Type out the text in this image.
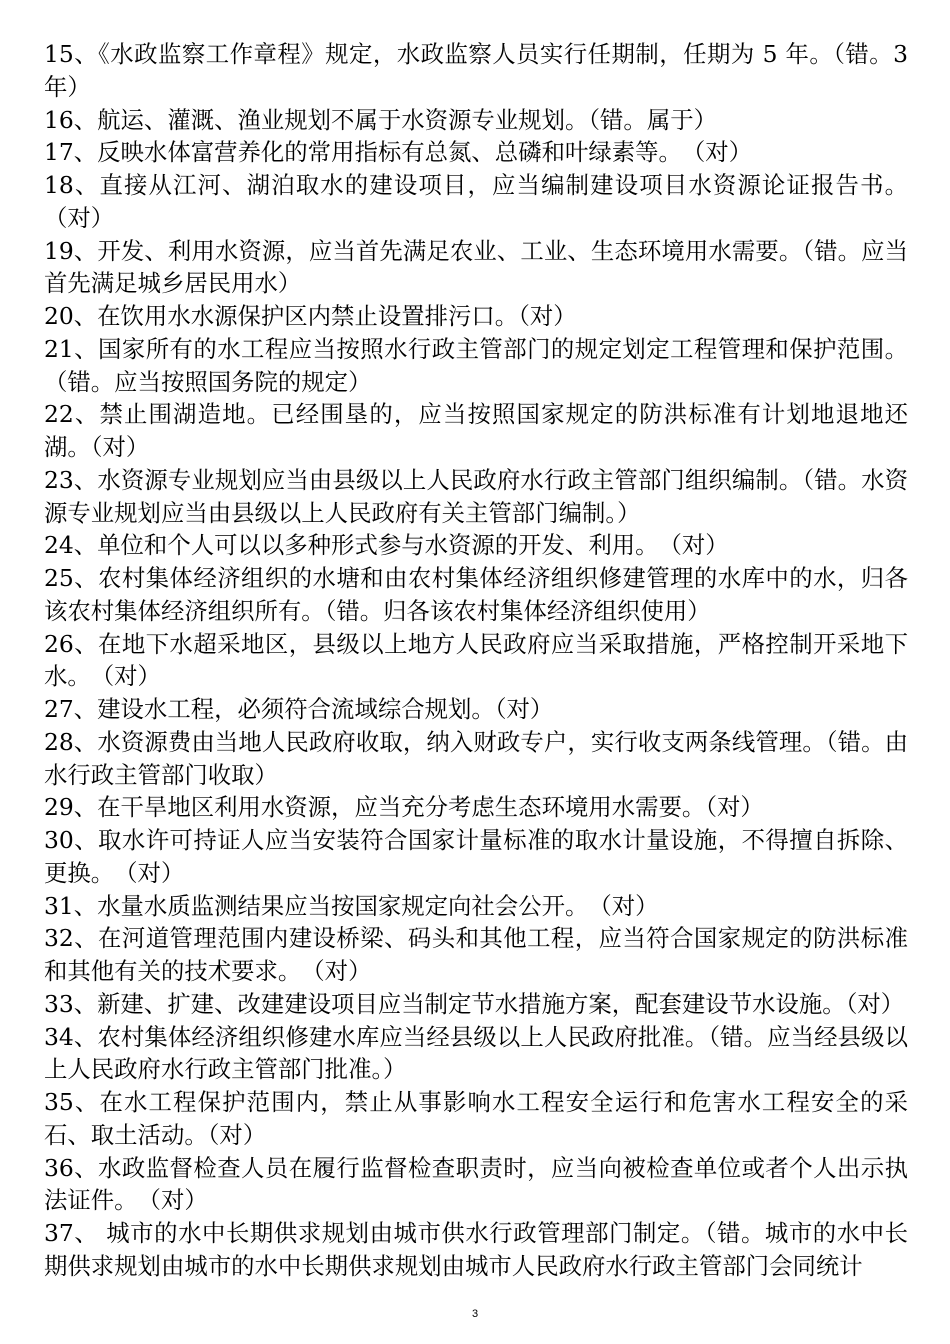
15、《水政监察工作章程》规定，水政监察人员实行任期制，任期为 5 年。（错。3 年）

16、航运、灌溉、渔业规划不属于水资源专业规划。（错。属于）

17、反映水体富营养化的常用指标有总氮、总磷和叶绿素等。　（对）

18、直接从江河、湖泊取水的建设项目，应当编制建设项目水资源论证报告书。（对）

19、开发、利用水资源，应当首先满足农业、工业、生态环境用水需要。（错。应当首先满足城乡居民用水）

20、在饮用水水源保护区内禁止设置排污口。（对）

21、国家所有的水工程应当按照水行政主管部门的规定划定工程管理和保护范围。（错。应当按照国务院的规定）

22、禁止围湖造地。已经围垦的，应当按照国家规定的防洪标准有计划地退地还湖。（对）

23、水资源专业规划应当由县级以上人民政府水行政主管部门组织编制。（错。水资源专业规划应当由县级以上人民政府有关主管部门编制。）

24、单位和个人可以以多种形式参与水资源的开发、利用。　（对）

25、农村集体经济组织的水塘和由农村集体经济组织修建管理的水库中的水，归各该农村集体经济组织所有。（错。归各该农村集体经济组织使用）

26、在地下水超采地区，县级以上地方人民政府应当采取措施，严格控制开采地下水。　（对）

27、建设水工程，必须符合流域综合规划。（对）

28、水资源费由当地人民政府收取，纳入财政专户，实行收支两条线管理。（错。由水行政主管部门收取）

29、在干旱地区利用水资源，应当充分考虑生态环境用水需要。（对）

30、取水许可持证人应当安装符合国家计量标准的取水计量设施，不得擅自拆除、更换。　（对）

31、水量水质监测结果应当按国家规定向社会公开。　（对）

32、在河道管理范围内建设桥梁、码头和其他工程，应当符合国家规定的防洪标准和其他有关的技术要求。　（对）

33、新建、扩建、改建建设项目应当制定节水措施方案，配套建设节水设施。（对）

34、农村集体经济组织修建水库应当经县级以上人民政府批准。（错。应当经县级以上人民政府水行政主管部门批准。）

35、在水工程保护范围内，禁止从事影响水工程安全运行和危害水工程安全的采石、取土活动。（对）

36、水政监督检查人员在履行监督检查职责时，应当向被检查单位或者个人出示执法证件。　（对）

37、 城市的水中长期供求规划由城市供水行政管理部门制定。（错。城市的水中长期供求规划由城市的水中长期供求规划由城市人民政府水行政主管部门会同统计

3
